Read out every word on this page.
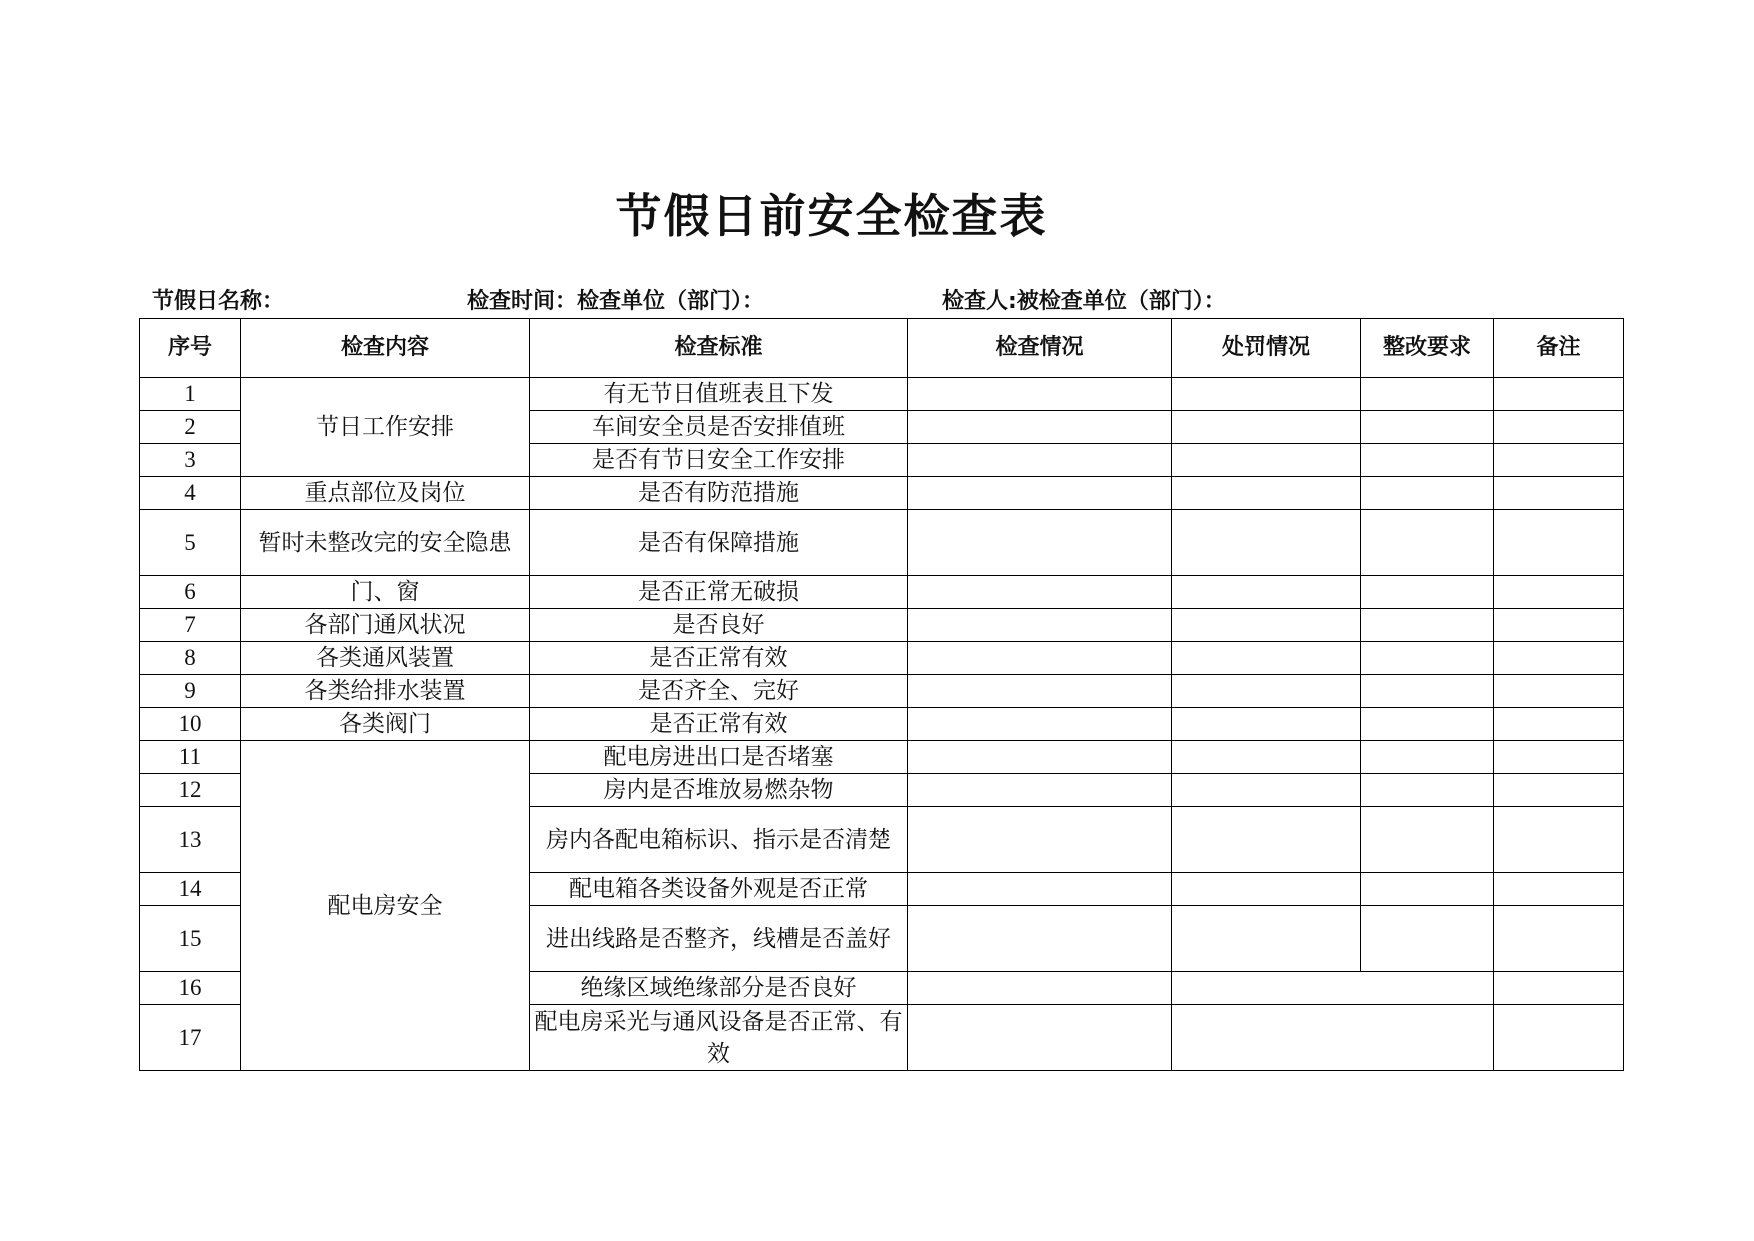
节假日前安全检查表
节假日名称：	检查时间：检查单位（部门）：	检查人:被检查单位（部门）：
序号	检查内容	检查标准	检查情况	处罚情况	整改要求	备注
1	节日工作安排	有无节日值班表且下发				
2		车间安全员是否安排值班				
3		是否有节日安全工作安排				
4	重点部位及岗位	是否有防范措施				
5	暂时未整改完的安全隐患	是否有保障措施				
6	门、窗	是否正常无破损				
7	各部门通风状况	是否良好				
8	各类通风装置	是否正常有效				
9	各类给排水装置	是否齐全、完好				
10	各类阀门	是否正常有效				
11	配电房安全	配电房进出口是否堵塞				
12		房内是否堆放易燃杂物				
13		房内各配电箱标识、指示是否清楚				
14		配电箱各类设备外观是否正常				
15		进出线路是否整齐，线槽是否盖好				
16		绝缘区域绝缘部分是否良好				
17		配电房采光与通风设备是否正常、有效				
